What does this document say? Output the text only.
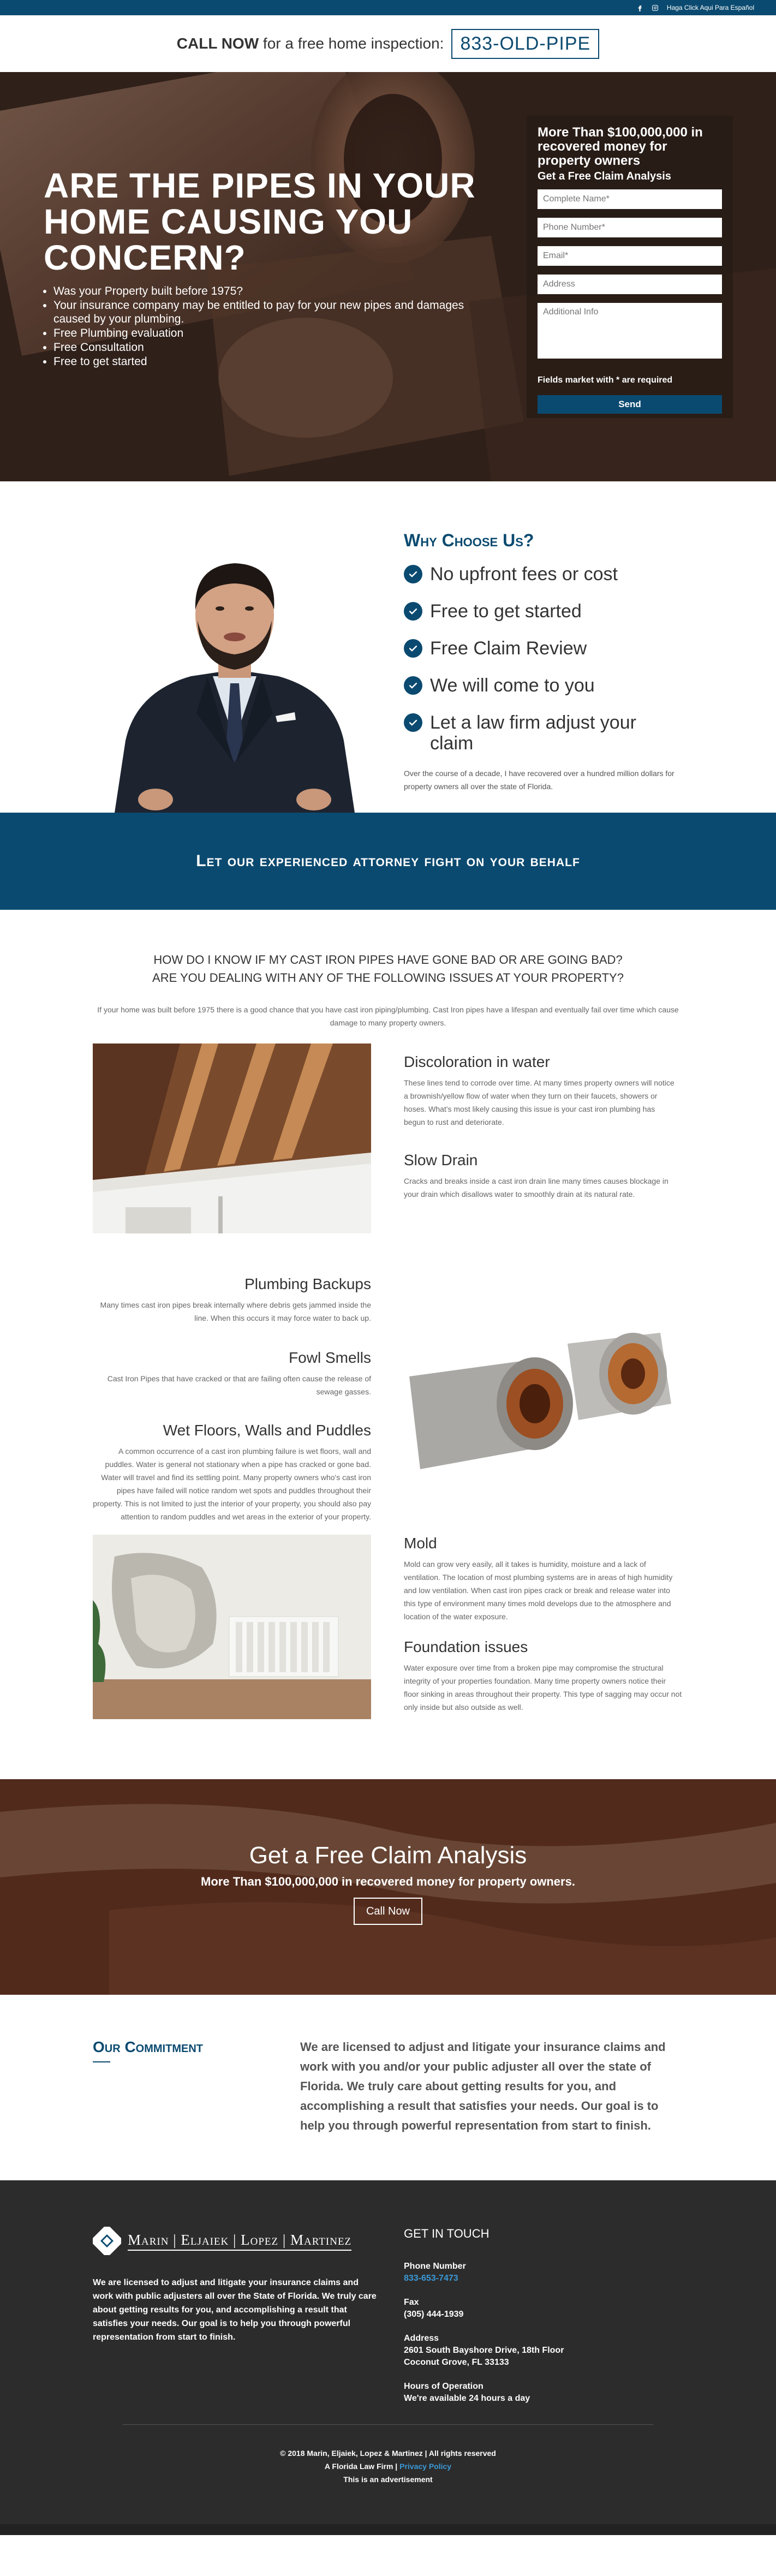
Haga Click Aqui Para Español
CALL NOW for a free home inspection: 833-OLD-PIPE
ARE THE PIPES IN YOUR HOME CAUSING YOU CONCERN?
• Was your Property built before 1975?
• Your insurance company may be entitled to pay for your new pipes and damages caused by your plumbing.
• Free Plumbing evaluation
• Free Consultation
• Free to get started
More Than $100,000,000 in recovered money for property owners
Get a Free Claim Analysis
Complete Name* Phone Number* Email* Address Additional Info
Fields market with * are required
Send
Why Choose Us?
No upfront fees or cost
Free to get started
Free Claim Review
We will come to you
Let a law firm adjust your claim

Over the course of a decade, I have recovered over a hundred million dollars for property owners all over the state of Florida.

Let our experienced attorney fight on your behalf
HOW DO I KNOW IF MY CAST IRON PIPES HAVE GONE BAD OR ARE GOING BAD?
ARE YOU DEALING WITH ANY OF THE FOLLOWING ISSUES AT YOUR PROPERTY?

If your home was built before 1975 there is a good chance that you have cast iron piping/plumbing. Cast Iron pipes have a lifespan and eventually fail over time which cause damage to many property owners.

Discoloration in water

These lines tend to corrode over time. At many times property owners will notice a brownish/yellow flow of water when they turn on their faucets, showers or hoses. What's most likely causing this issue is your cast iron plumbing has begun to rust and deteriorate.

Slow Drain

Cracks and breaks inside a cast iron drain line many times causes blockage in your drain which disallows water to smoothly drain at its natural rate.

Plumbing Backups

Many times cast iron pipes break internally where debris gets jammed inside the line. When this occurs it may force water to back up.

Fowl Smells

Cast Iron Pipes that have cracked or that are failing often cause the release of sewage gasses.

Wet Floors, Walls and Puddles

A common occurrence of a cast iron plumbing failure is wet floors, wall and puddles. Water is general not stationary when a pipe has cracked or gone bad. Water will travel and find its settling point. Many property owners who's cast iron pipes have failed will notice random wet spots and puddles throughout their property. This is not limited to just the interior of your property, you should also pay attention to random puddles and wet areas in the exterior of your property.

Mold

Mold can grow very easily, all it takes is humidity, moisture and a lack of ventilation. The location of most plumbing systems are in areas of high humidity and low ventilation. When cast iron pipes crack or break and release water into this type of environment many times mold develops due to the atmosphere and location of the water exposure.

Foundation issues

Water exposure over time from a broken pipe may compromise the structural integrity of your properties foundation. Many time property owners notice their floor sinking in areas throughout their property. This type of sagging may occur not only inside but also outside as well.

Get a Free Claim Analysis
More Than $100,000,000 in recovered money for property owners.
Call Now
Our Commitment	We are licensed to adjust and litigate your insurance claims and work with you and/or your public adjuster all over the state of Florida. We truly care about getting results for you, and accomplishing a result that satisfies your needs. Our goal is to help you through powerful representation from start to finish.

Marin | Eljaiek | Lopez | Martinez

We are licensed to adjust and litigate your insurance claims and work with public adjusters all over the State of Florida. We truly care about getting results for you, and accomplishing a result that satisfies your needs. Our goal is to help you through powerful representation from start to finish.

GET IN TOUCH
Phone Number
833-653-7473
Fax
(305) 444-1939
Address
2601 South Bayshore Drive, 18th Floor
Coconut Grove, FL 33133
Hours of Operation
We're available 24 hours a day
© 2018 Marin, Eljaiek, Lopez & Martinez | All rights reserved
A Florida Law Firm | Privacy Policy
This is an advertisement
